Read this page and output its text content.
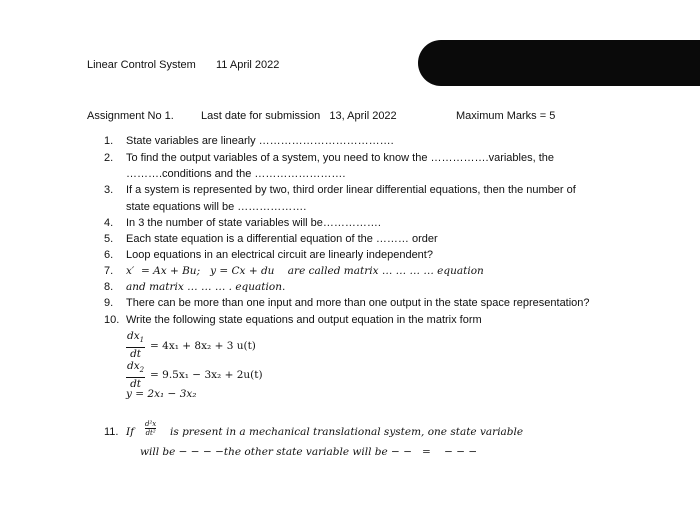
Linear Control System 11 April 2022
Assignment No 1. Last date for submission   13, April 2022	Maximum Marks = 5
1. State variables are linearly ……………………………….
2. To find the output variables of a system, you need to know the …………….variables, the
……….conditions and the …………………….
3. If a system is represented by two, third order linear differential equations, then the number of
state equations will be ……………….
4. In 3 the number of state variables will be…………….
5. Each state equation is a differential equation of the ……… order
6. Loop equations in an electrical circuit are linearly independent?
7. x′  = Ax + Bu;   y = Cx + du    are called matrix … … … … equation
8. and matrix … … … . equation.
9. There can be more than one input and more than one output in the state space representation?
10. Write the following state equations and output equation in the matrix form
$\frac{dx_1}{dt} = 4x_1 + 8x_2 + 3$ u(t)
$\frac{dx_2}{dt} = 9.5x_1 - 3x_2 + 2u(t)$
y = 2x₁ − 3x₂
11. If $\frac{\text{d²x}}{\text{dt²}}$ is present in a mechanical translational system, one state variable
will be − − − −the other state variable will be − −   =    − − −
